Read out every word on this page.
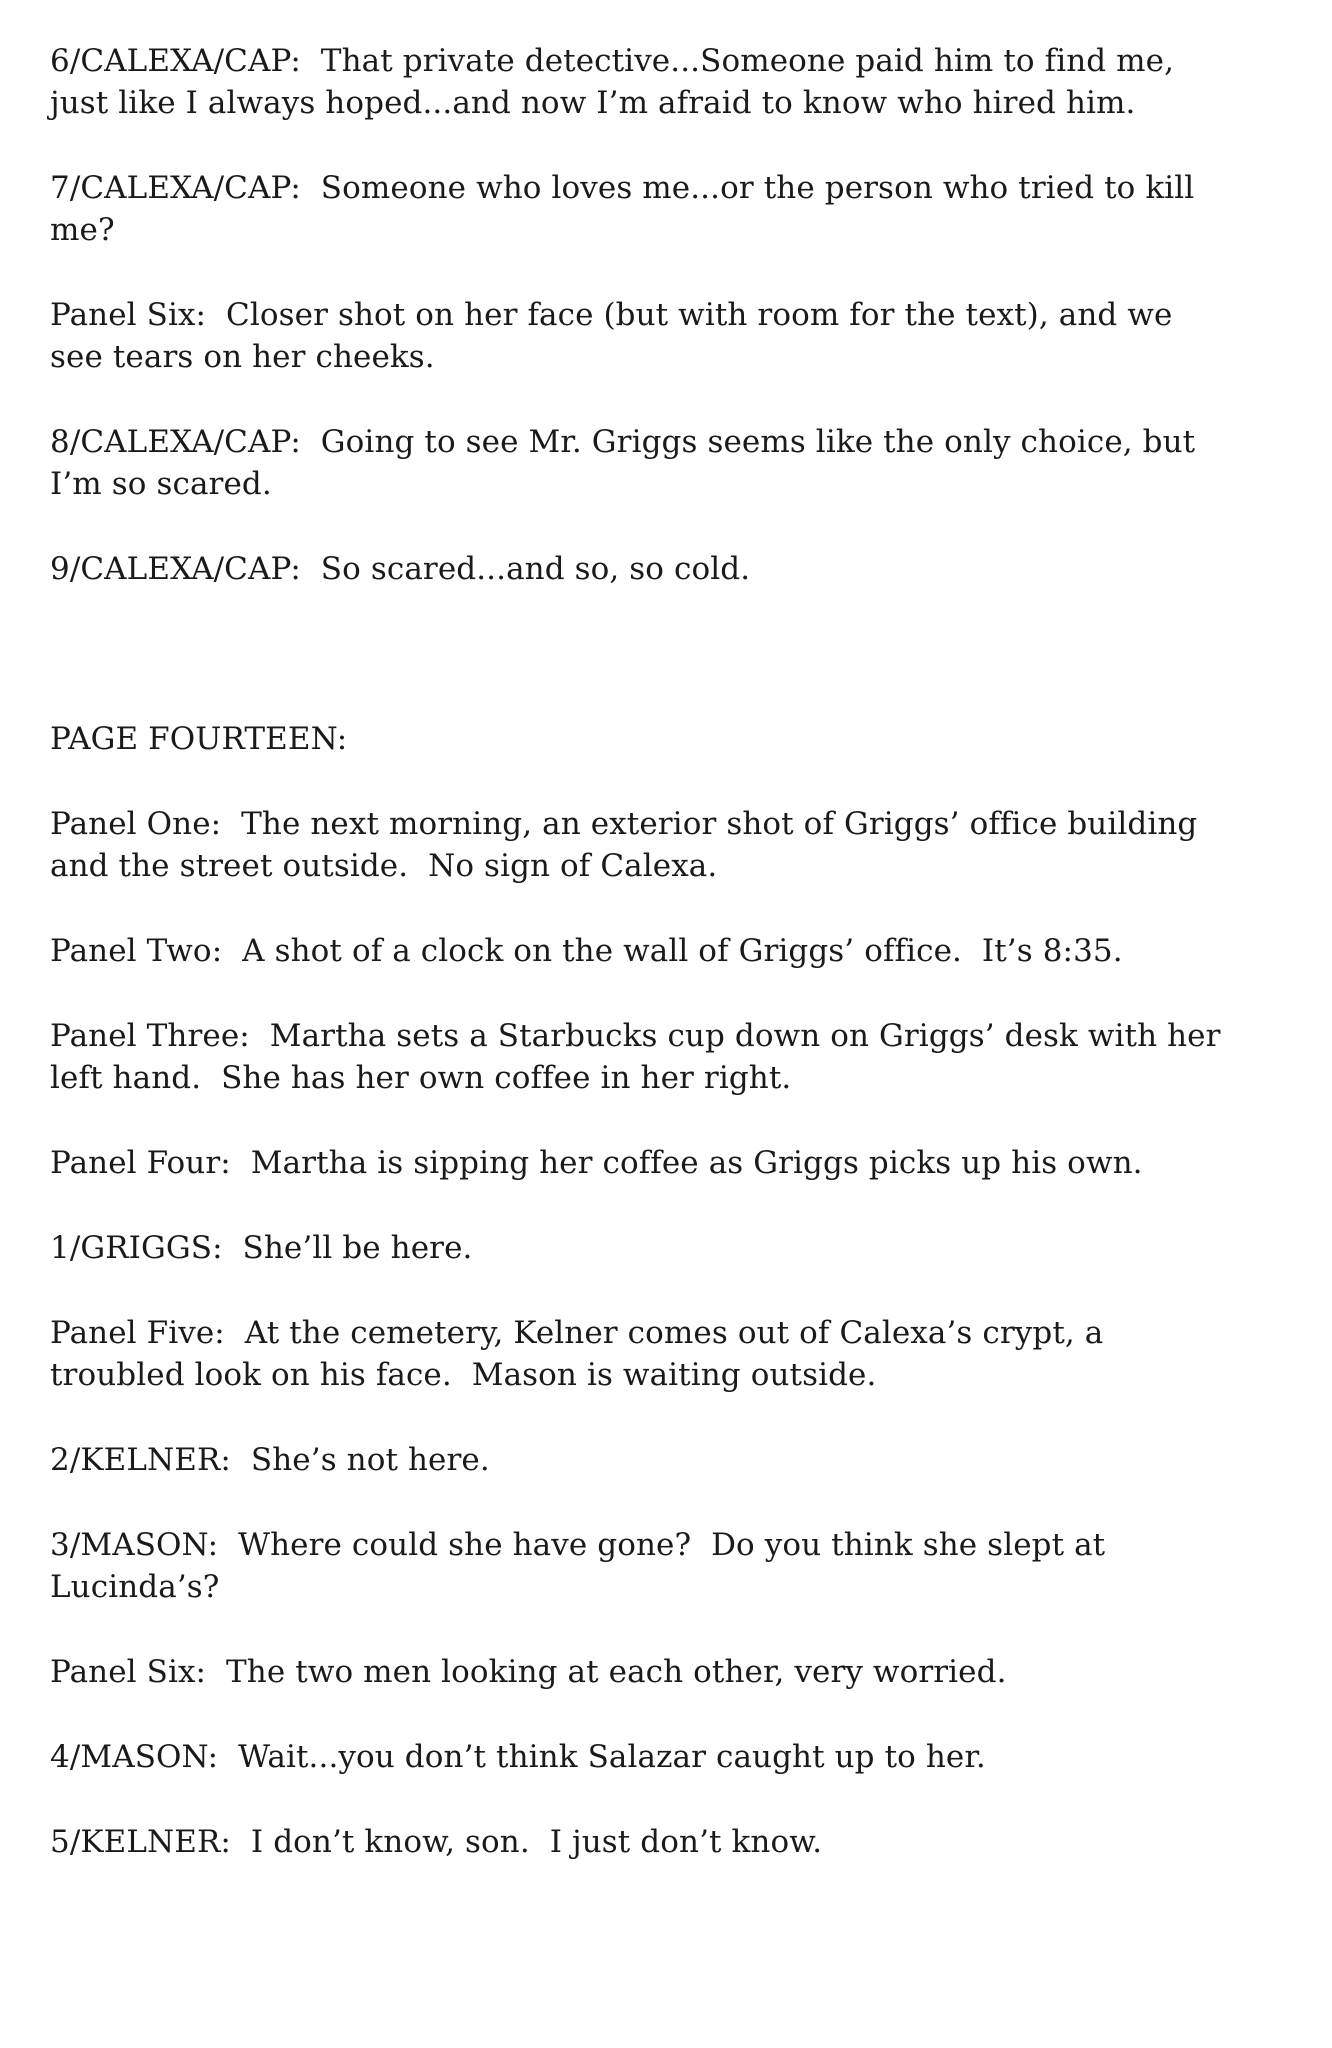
6/CALEXA/CAP:  That private detective...Someone paid him to find me, just like I always hoped...and now I’m afraid to know who hired him.

7/CALEXA/CAP:  Someone who loves me...or the person who tried to kill me?

Panel Six:  Closer shot on her face (but with room for the text), and we see tears on her cheeks.

8/CALEXA/CAP:  Going to see Mr. Griggs seems like the only choice, but I’m so scared.

9/CALEXA/CAP:  So scared...and so, so cold.

PAGE FOURTEEN:

Panel One:  The next morning, an exterior shot of Griggs’ office building and the street outside.  No sign of Calexa.

Panel Two:  A shot of a clock on the wall of Griggs’ office.  It’s 8:35.

Panel Three:  Martha sets a Starbucks cup down on Griggs’ desk with her left hand.  She has her own coffee in her right.

Panel Four:  Martha is sipping her coffee as Griggs picks up his own.

1/GRIGGS:  She’ll be here.

Panel Five:  At the cemetery, Kelner comes out of Calexa’s crypt, a troubled look on his face.  Mason is waiting outside.

2/KELNER:  She’s not here.

3/MASON:  Where could she have gone?  Do you think she slept at Lucinda’s?

Panel Six:  The two men looking at each other, very worried.

4/MASON:  Wait...you don’t think Salazar caught up to her.

5/KELNER:  I don’t know, son.  I just don’t know.
